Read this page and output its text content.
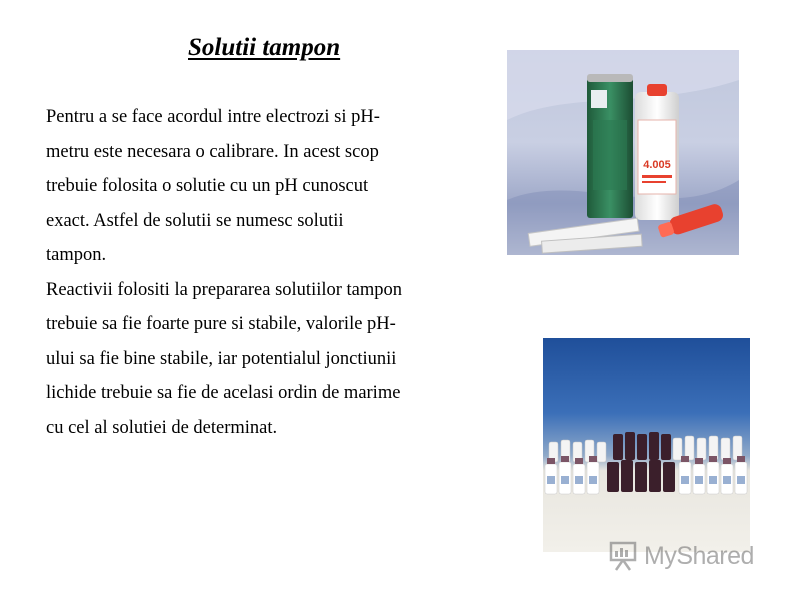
Solutii tampon
Pentru a se face acordul intre electrozi si pH-
metru este necesara o calibrare. In acest scop
trebuie folosita o solutie cu un pH cunoscut
exact. Astfel de solutii se numesc solutii
tampon.
Reactivii folositi la prepararea solutiilor tampon
trebuie sa fie foarte pure si stabile, valorile pH-
ului sa fie bine stabile, iar potentialul jonctiunii
lichide trebuie sa fie de acelasi ordin de marime
cu cel al solutiei de determinat.
4.005
MyShared
